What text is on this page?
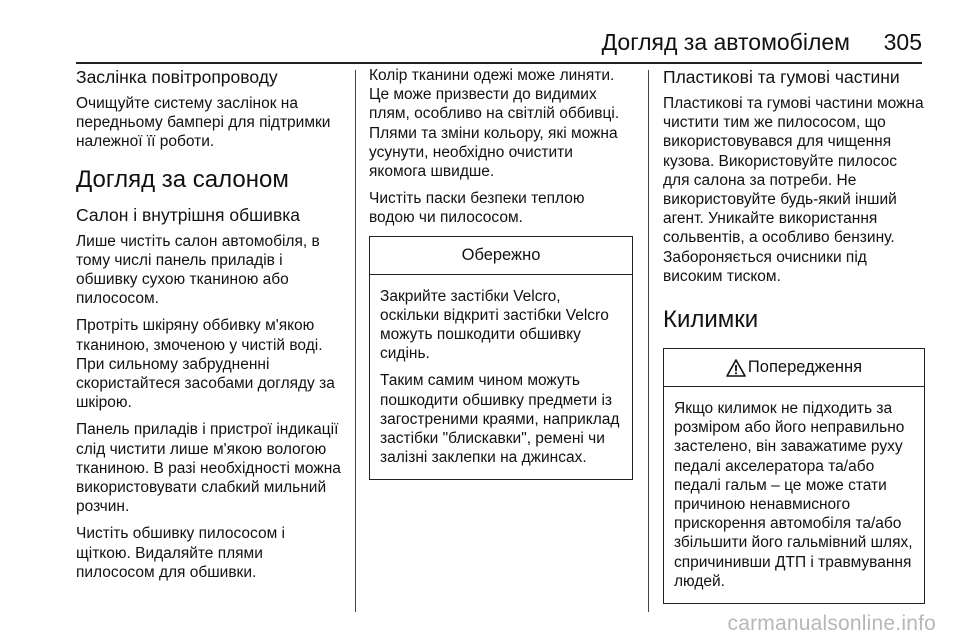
Догляд за автомобілем 305
Заслінка повітропроводу

Очищуйте систему заслінок на передньому бампері для підтримки належної її роботи.

Догляд за салоном
Салон і внутрішня обшивка

Лише чистіть салон автомобіля, в тому числі панель приладів і обшивку сухою тканиною або пилососом.

Протріть шкіряну оббивку м'якою тканиною, змоченою у чистій воді. При сильному забрудненні скористайтеся засобами догляду за шкірою.

Панель приладів і пристрої індикації слід чистити лише м'якою вологою тканиною. В разі необхідності можна використовувати слабкий мильний розчин.

Чистіть обшивку пилососом і щіткою. Видаляйте плями пилососом для обшивки.

Колір тканини одежі може линяти. Це може призвести до видимих плям, особливо на світлій оббивці. Плями та зміни кольору, які можна усунути, необхідно очистити якомога швидше.

Чистіть паски безпеки теплою водою чи пилососом.

Обережно

Закрийте застібки Velcro, оскільки відкриті застібки Velcro можуть пошкодити обшивку сидінь.

Таким самим чином можуть пошкодити обшивку предмети із загостреними краями, наприклад застібки "блискавки", ремені чи залізні заклепки на джинсах.

Пластикові та гумові частини

Пластикові та гумові частини можна чистити тим же пилососом, що використовувався для чищення кузова. Використовуйте пилосос для салона за потреби. Не використовуйте будь-який інший агент. Уникайте використання сольвентів, а особливо бензину. Забороняється очисники під високим тиском.

Килимки
Попередження

Якщо килимок не підходить за розміром або його неправильно застелено, він заважатиме руху педалі акселератора та/або педалі гальм – це може стати причиною ненавмисного прискорення автомобіля та/або збільшити його гальмівний шлях, спричинивши ДТП і травмування людей.

carmanualsonline.info
